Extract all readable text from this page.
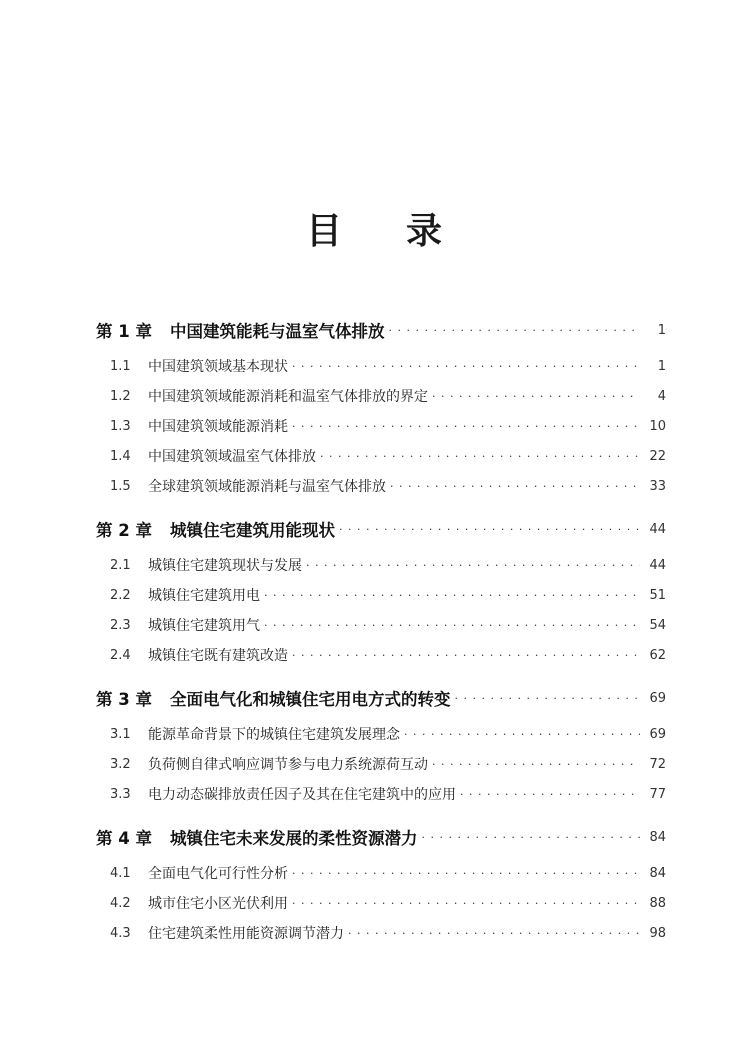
目 录
第 1 章	中国建筑能耗与温室气体排放 · · ·	1
1.1	中国建筑领域基本现状 · · ·	1
1.2	中国建筑领域能源消耗和温室气体排放的界定 · · ·	4
1.3	中国建筑领域能源消耗 · · ·	10
1.4	中国建筑领域温室气体排放 · · ·	22
1.5	全球建筑领域能源消耗与温室气体排放 · · ·	33
第 2 章	城镇住宅建筑用能现状 · · ·	44
2.1	城镇住宅建筑现状与发展 · · ·	44
2.2	城镇住宅建筑用电 · · ·	51
2.3	城镇住宅建筑用气 · · ·	54
2.4	城镇住宅既有建筑改造 · · ·	62
第 3 章	全面电气化和城镇住宅用电方式的转变 · · ·	69
3.1	能源革命背景下的城镇住宅建筑发展理念 · · ·	69
3.2	负荷侧自律式响应调节参与电力系统源荷互动 · · ·	72
3.3	电力动态碳排放责任因子及其在住宅建筑中的应用 · · ·	77
第 4 章	城镇住宅未来发展的柔性资源潜力 · · ·	84
4.1	全面电气化可行性分析 · · ·	84
4.2	城市住宅小区光伏利用 · · ·	88
4.3	住宅建筑柔性用能资源调节潜力 · · ·	98
